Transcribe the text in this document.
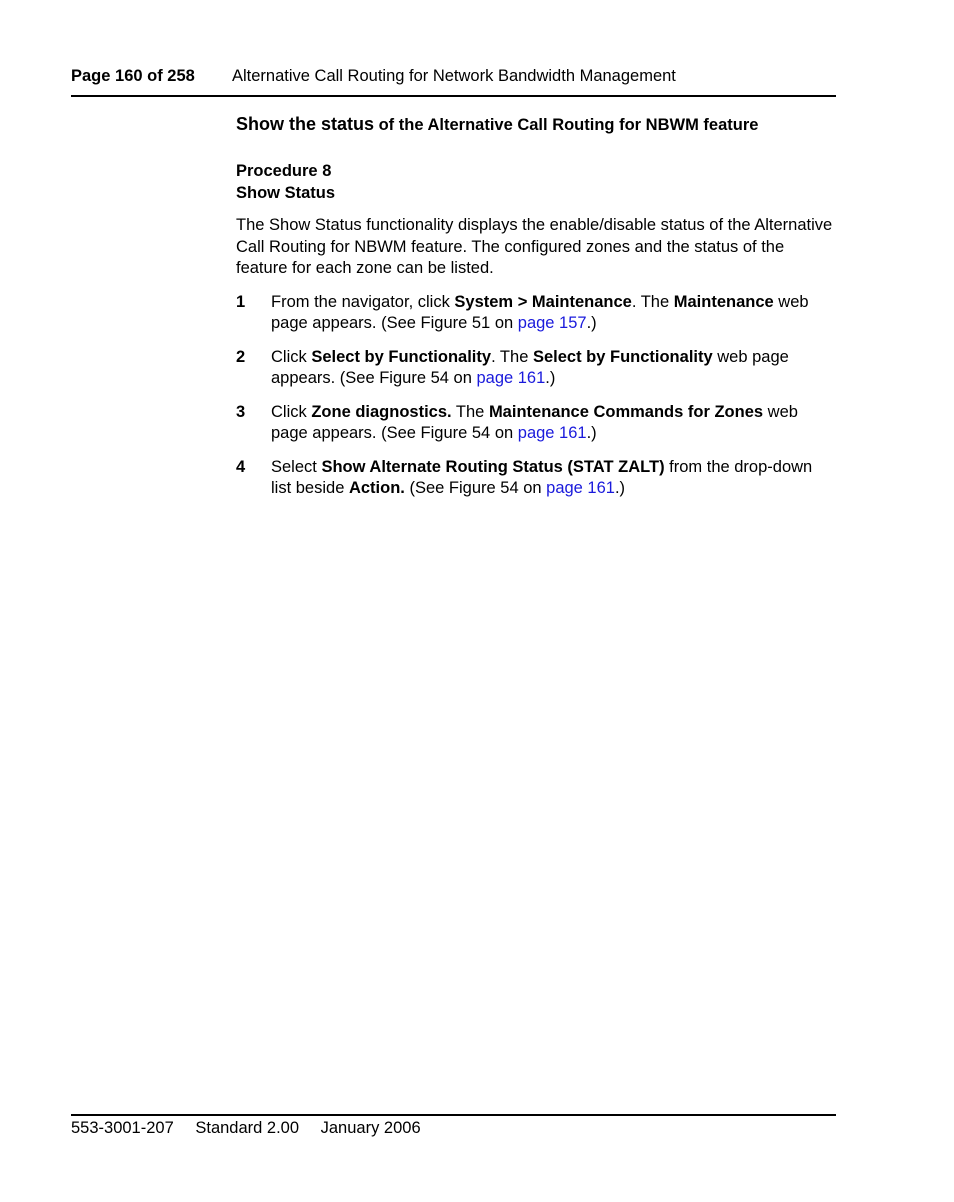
Page 160 of 258 Alternative Call Routing for Network Bandwidth Management
Show the status of the Alternative Call Routing for NBWM feature
Procedure 8
Show Status

The Show Status functionality displays the enable/disable status of the Alternative Call Routing for NBWM feature. The configured zones and the status of the feature for each zone can be listed.

1 From the navigator, click System > Maintenance. The Maintenance web page appears. (See Figure 51 on page 157.)
2 Click Select by Functionality. The Select by Functionality web page appears. (See Figure 54 on page 161.)
3 Click Zone diagnostics. The Maintenance Commands for Zones web page appears. (See Figure 54 on page 161.)
4 Select Show Alternate Routing Status (STAT ZALT) from the drop-down list beside Action. (See Figure 54 on page 161.)
553-3001-207 Standard 2.00 January 2006
